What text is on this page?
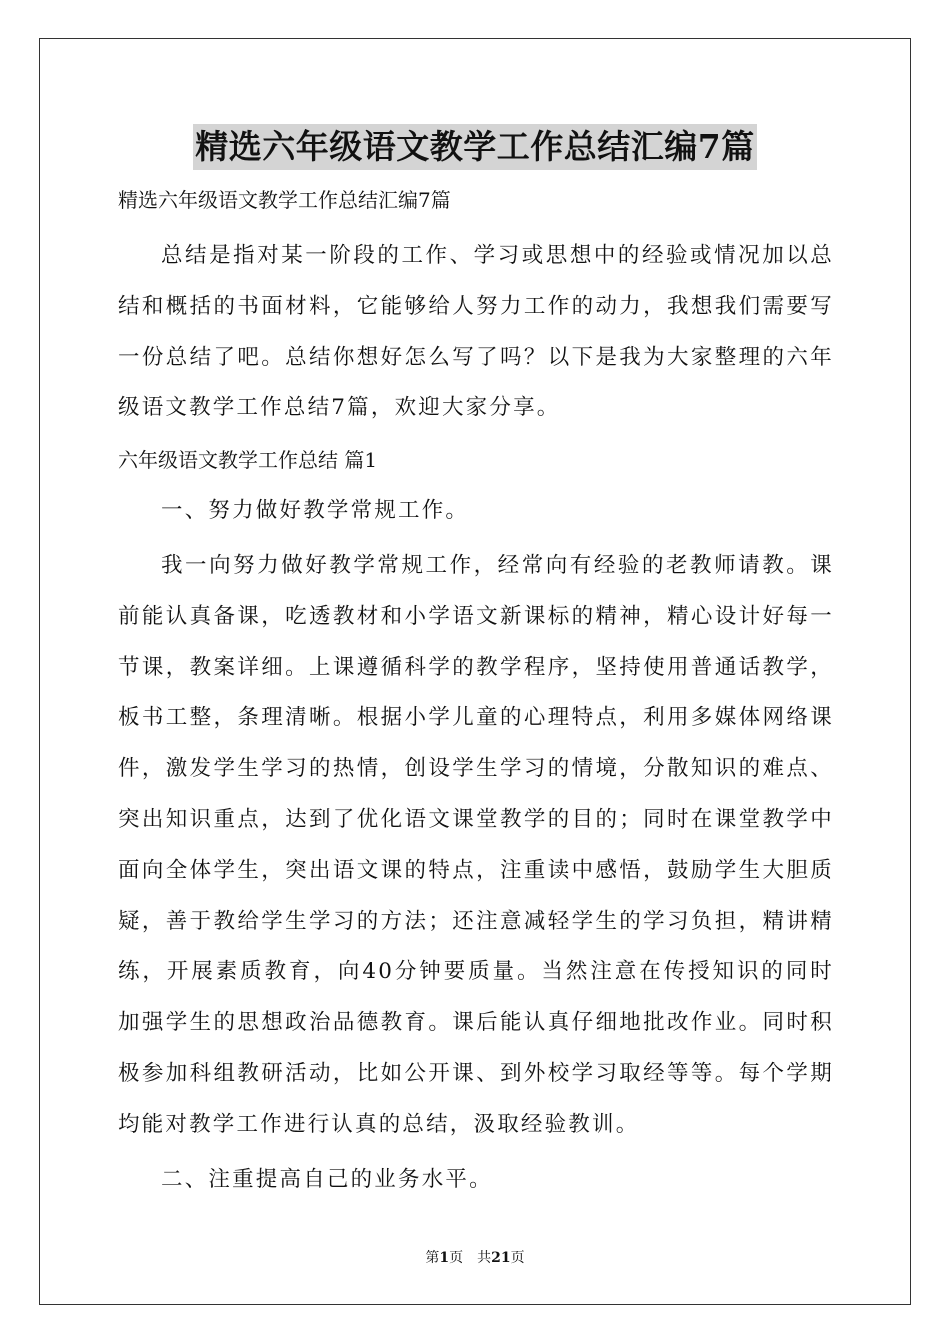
精选六年级语文教学工作总结汇编7篇

精选六年级语文教学工作总结汇编7篇

总结是指对某一阶段的工作、学习或思想中的经验或情况加以总结和概括的书面材料，它能够给人努力工作的动力，我想我们需要写一份总结了吧。总结你想好怎么写了吗？以下是我为大家整理的六年级语文教学工作总结7篇，欢迎大家分享。

六年级语文教学工作总结 篇1

一、努力做好教学常规工作。

我一向努力做好教学常规工作，经常向有经验的老教师请教。课前能认真备课，吃透教材和小学语文新课标的精神，精心设计好每一节课，教案详细。上课遵循科学的教学程序，坚持使用普通话教学，板书工整，条理清晰。根据小学儿童的心理特点，利用多媒体网络课件，激发学生学习的热情，创设学生学习的情境，分散知识的难点、突出知识重点，达到了优化语文课堂教学的目的；同时在课堂教学中面向全体学生，突出语文课的特点，注重读中感悟，鼓励学生大胆质疑，善于教给学生学习的方法；还注意减轻学生的学习负担，精讲精练，开展素质教育，向40分钟要质量。当然注意在传授知识的同时加强学生的思想政治品德教育。课后能认真仔细地批改作业。同时积极参加科组教研活动，比如公开课、到外校学习取经等等。每个学期均能对教学工作进行认真的总结，汲取经验教训。

二、注重提高自己的业务水平。

第1页 共21页
